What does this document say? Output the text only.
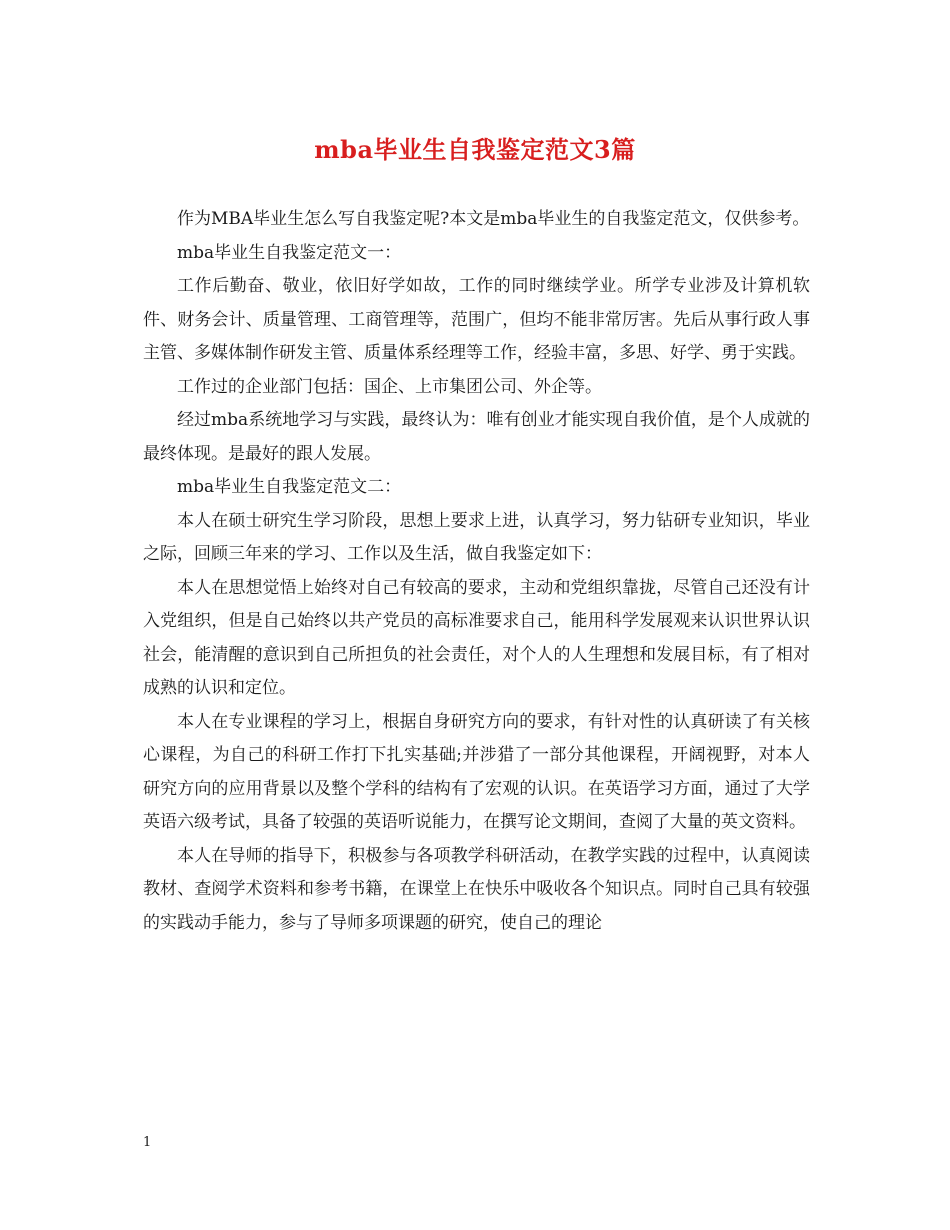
mba毕业生自我鉴定范文3篇

作为MBA毕业生怎么写自我鉴定呢?本文是mba毕业生的自我鉴定范文，仅供参考。

mba毕业生自我鉴定范文一：

工作后勤奋、敬业，依旧好学如故，工作的同时继续学业。所学专业涉及计算机软件、财务会计、质量管理、工商管理等，范围广，但均不能非常厉害。先后从事行政人事主管、多媒体制作研发主管、质量体系经理等工作，经验丰富，多思、好学、勇于实践。

工作过的企业部门包括：国企、上市集团公司、外企等。

经过mba系统地学习与实践，最终认为：唯有创业才能实现自我价值，是个人成就的最终体现。是最好的跟人发展。

mba毕业生自我鉴定范文二：

本人在硕士研究生学习阶段，思想上要求上进，认真学习，努力钻研专业知识，毕业之际，回顾三年来的学习、工作以及生活，做自我鉴定如下：

本人在思想觉悟上始终对自己有较高的要求，主动和党组织靠拢，尽管自己还没有计入党组织，但是自己始终以共产党员的高标准要求自己，能用科学发展观来认识世界认识社会，能清醒的意识到自己所担负的社会责任，对个人的人生理想和发展目标，有了相对成熟的认识和定位。

本人在专业课程的学习上，根据自身研究方向的要求，有针对性的认真研读了有关核心课程，为自己的科研工作打下扎实基础;并涉猎了一部分其他课程，开阔视野，对本人研究方向的应用背景以及整个学科的结构有了宏观的认识。在英语学习方面，通过了大学英语六级考试，具备了较强的英语听说能力，在撰写论文期间，查阅了大量的英文资料。

本人在导师的指导下，积极参与各项教学科研活动，在教学实践的过程中，认真阅读教材、查阅学术资料和参考书籍，在课堂上在快乐中吸收各个知识点。同时自己具有较强的实践动手能力，参与了导师多项课题的研究，使自己的理论

1
